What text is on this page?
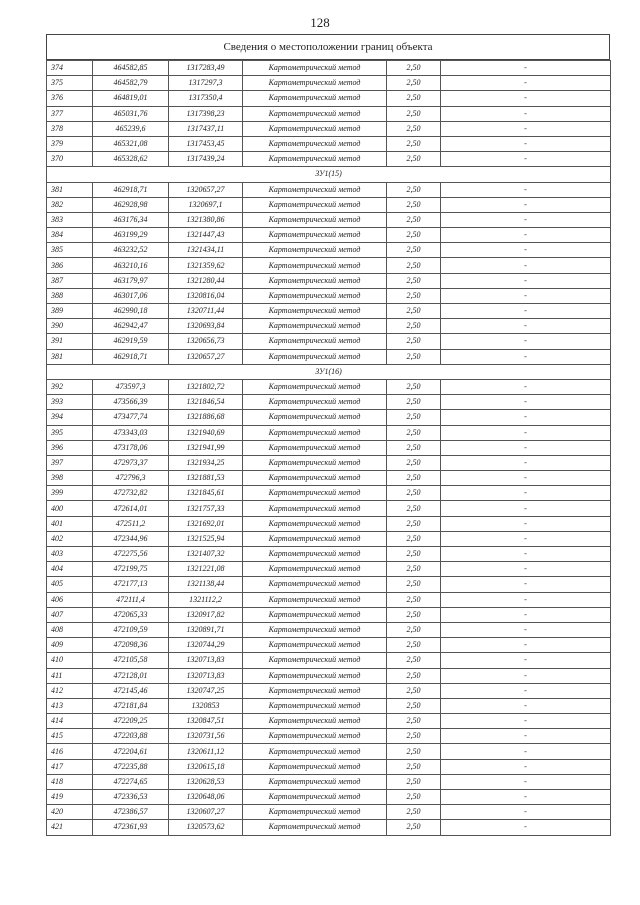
128
Сведения о местоположении границ объекта
374	464582,85	1317283,49	Картометрический метод	2,50	-
375	464582,79	1317297,3	Картометрический метод	2,50	-
376	464819,01	1317350,4	Картометрический метод	2,50	-
377	465031,76	1317398,23	Картометрический метод	2,50	-
378	465239,6	1317437,11	Картометрический метод	2,50	-
379	465321,08	1317453,45	Картометрический метод	2,50	-
370	465328,62	1317439,24	Картометрический метод	2,50	-
ЗУ1(15)					
381	462918,71	1320657,27	Картометрический метод	2,50	-
382	462928,98	1320697,1	Картометрический метод	2,50	-
383	463176,34	1321380,86	Картометрический метод	2,50	-
384	463199,29	1321447,43	Картометрический метод	2,50	-
385	463232,52	1321434,11	Картометрический метод	2,50	-
386	463210,16	1321359,62	Картометрический метод	2,50	-
387	463179,97	1321280,44	Картометрический метод	2,50	-
388	463017,06	1320816,04	Картометрический метод	2,50	-
389	462990,18	1320711,44	Картометрический метод	2,50	-
390	462942,47	1320693,84	Картометрический метод	2,50	-
391	462919,59	1320656,73	Картометрический метод	2,50	-
381	462918,71	1320657,27	Картометрический метод	2,50	-
ЗУ1(16)					
392	473597,3	1321802,72	Картометрический метод	2,50	-
393	473566,39	1321846,54	Картометрический метод	2,50	-
394	473477,74	1321886,68	Картометрический метод	2,50	-
395	473343,03	1321940,69	Картометрический метод	2,50	-
396	473178,06	1321941,99	Картометрический метод	2,50	-
397	472973,37	1321934,25	Картометрический метод	2,50	-
398	472796,3	1321881,53	Картометрический метод	2,50	-
399	472732,82	1321845,61	Картометрический метод	2,50	-
400	472614,01	1321757,33	Картометрический метод	2,50	-
401	472511,2	1321692,01	Картометрический метод	2,50	-
402	472344,96	1321525,94	Картометрический метод	2,50	-
403	472275,56	1321407,32	Картометрический метод	2,50	-
404	472199,75	1321221,08	Картометрический метод	2,50	-
405	472177,13	1321138,44	Картометрический метод	2,50	-
406	472111,4	1321112,2	Картометрический метод	2,50	-
407	472065,33	1320917,82	Картометрический метод	2,50	-
408	472109,59	1320891,71	Картометрический метод	2,50	-
409	472098,36	1320744,29	Картометрический метод	2,50	-
410	472105,58	1320713,83	Картометрический метод	2,50	-
411	472128,01	1320713,83	Картометрический метод	2,50	-
412	472145,46	1320747,25	Картометрический метод	2,50	-
413	472181,84	1320853	Картометрический метод	2,50	-
414	472209,25	1320847,51	Картометрический метод	2,50	-
415	472203,88	1320731,56	Картометрический метод	2,50	-
416	472204,61	1320611,12	Картометрический метод	2,50	-
417	472235,88	1320615,18	Картометрический метод	2,50	-
418	472274,65	1320628,53	Картометрический метод	2,50	-
419	472336,53	1320648,06	Картометрический метод	2,50	-
420	472386,57	1320607,27	Картометрический метод	2,50	-
421	472361,93	1320573,62	Картометрический метод	2,50	-
